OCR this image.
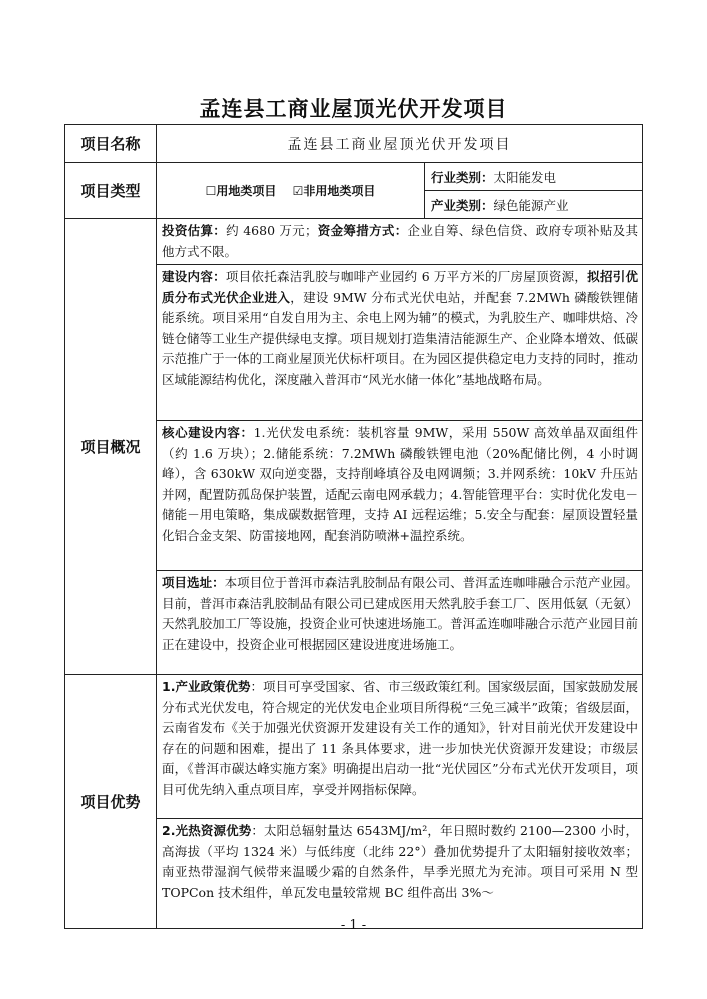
孟连县工商业屋顶光伏开发项目
项目名称	孟连县工商业屋顶光伏开发项目	
项目类型	☐用地类项目 ☑非用地类项目	行业类别：太阳能发电
		产业类别：绿色能源产业
项目概况	投资估算：约 4680 万元；资金筹措方式：企业自筹、绿色信贷、政府专项补贴及其他方式不限。	
	建设内容：项目依托森洁乳胶与咖啡产业园约 6 万平方米的厂房屋顶资源，拟招引优质分布式光伏企业进入，建设 9MW 分布式光伏电站，并配套 7.2MWh 磷酸铁锂储能系统。项目采用“自发自用为主、余电上网为辅”的模式，为乳胶生产、咖啡烘焙、冷链仓储等工业生产提供绿电支撑。项目规划打造集清洁能源生产、企业降本增效、低碳示范推广于一体的工商业屋顶光伏标杆项目。在为园区提供稳定电力支持的同时，推动区域能源结构优化，深度融入普洱市“风光水储一体化”基地战略布局。	
	核心建设内容：1.光伏发电系统：装机容量 9MW，采用 550W 高效单晶双面组件（约 1.6 万块）；2.储能系统：7.2MWh 磷酸铁锂电池（20%配储比例，4 小时调峰），含 630kW 双向逆变器，支持削峰填谷及电网调频；3.并网系统：10kV 升压站并网，配置防孤岛保护装置，适配云南电网承载力；4.智能管理平台：实时优化发电－储能－用电策略，集成碳数据管理，支持 AI 远程运维；5.安全与配套：屋顶设置轻量化铝合金支架、防雷接地网，配套消防喷淋+温控系统。	
	项目选址：本项目位于普洱市森洁乳胶制品有限公司、普洱孟连咖啡融合示范产业园。目前，普洱市森洁乳胶制品有限公司已建成医用天然乳胶手套工厂、医用低氨（无氨）天然乳胶加工厂等设施，投资企业可快速进场施工。普洱孟连咖啡融合示范产业园目前正在建设中，投资企业可根据园区建设进度进场施工。	
项目优势	1.产业政策优势：项目可享受国家、省、市三级政策红利。国家级层面，国家鼓励发展分布式光伏发电，符合规定的光伏发电企业项目所得税“三免三减半”政策；省级层面，云南省发布《关于加强光伏资源开发建设有关工作的通知》，针对目前光伏开发建设中存在的问题和困难，提出了 11 条具体要求，进一步加快光伏资源开发建设；市级层面，《普洱市碳达峰实施方案》明确提出启动一批“光伏园区”分布式光伏开发项目，项目可优先纳入重点项目库，享受并网指标保障。	
	2.光热资源优势：太阳总辐射量达 6543MJ/m²，年日照时数约 2100—2300 小时，高海拔（平均 1324 米）与低纬度（北纬 22°）叠加优势提升了太阳辐射接收效率；南亚热带湿润气候带来温暖少霜的自然条件，旱季光照尤为充沛。项目可采用 N 型 TOPCon 技术组件，单瓦发电量较常规 BC 组件高出 3%～	
- 1 -
